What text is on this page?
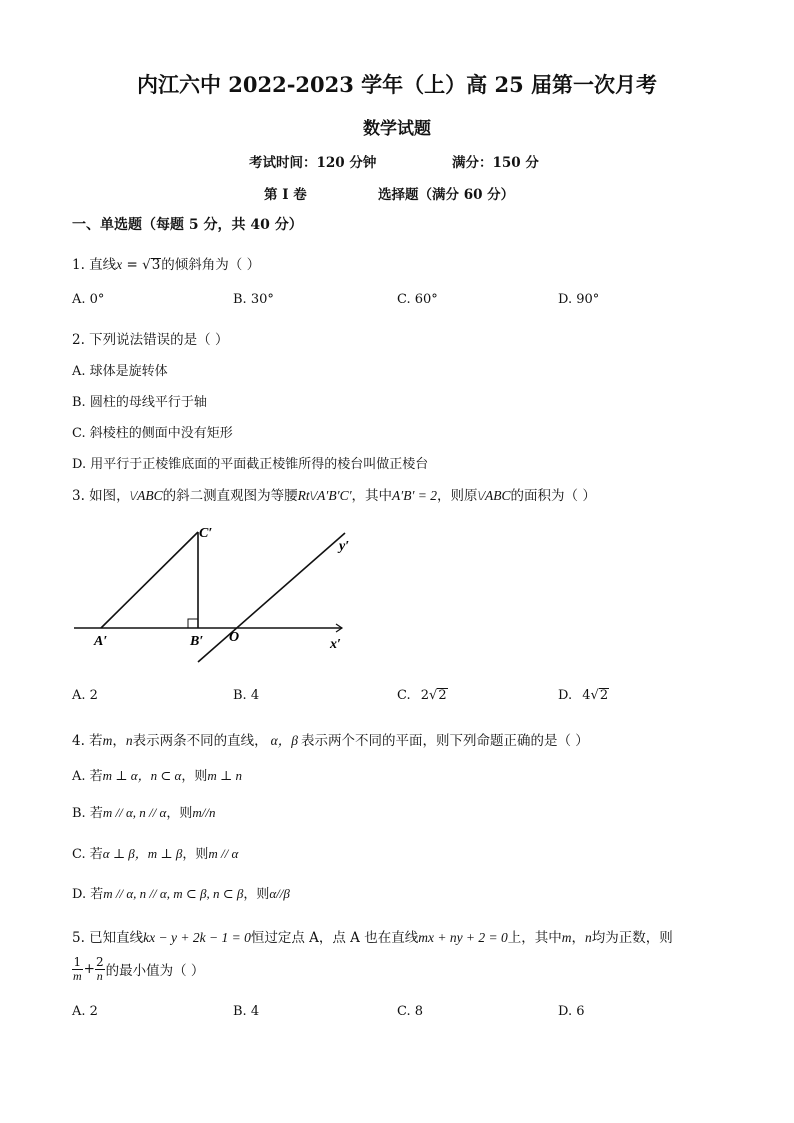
内江六中 2022-2023 学年（上）高 25 届第一次月考
数学试题
考试时间：120 分钟	满分：150 分
第 I 卷	选择题（满分 60 分）
一、单选题（每题 5 分，共 40 分）
1. 直线x = √3的倾斜角为（ ）
A. 0°	B. 30°	C. 60°	D. 90°
2. 下列说法错误的是（ ）
A. 球体是旋转体
B. 圆柱的母线平行于轴
C. 斜棱柱的侧面中没有矩形
D. 用平行于正棱锥底面的平面截正棱锥所得的棱台叫做正棱台
3. 如图，\/ABC的斜二测直观图为等腰Rt\/A′B′C′，其中A′B′ = 2，则原\/ABC的面积为（ ）
C′
y′
A′	B′ O	x′
A. 2	B. 4	C. 2√2	D. 4√2
4. 若m，n表示两条不同的直线， α，β 表示两个不同的平面，则下列命题正确的是（ ）
A. 若m ⊥ α，n ⊂ α，则m ⊥ n
B. 若m // α, n // α，则m//n
C. 若α ⊥ β，m ⊥ β，则m // α
D. 若m // α, n // α, m ⊂ β, n ⊂ β，则α//β
5. 已知直线kx − y + 2k − 1 = 0恒过定点 A，点 A 也在直线mx + ny + 2 = 0上，其中m，n均为正数，则
$\frac{1}{m} + \frac{2}{n}$ 的最小值为（ ）
A. 2	B. 4	C. 8	D. 6
